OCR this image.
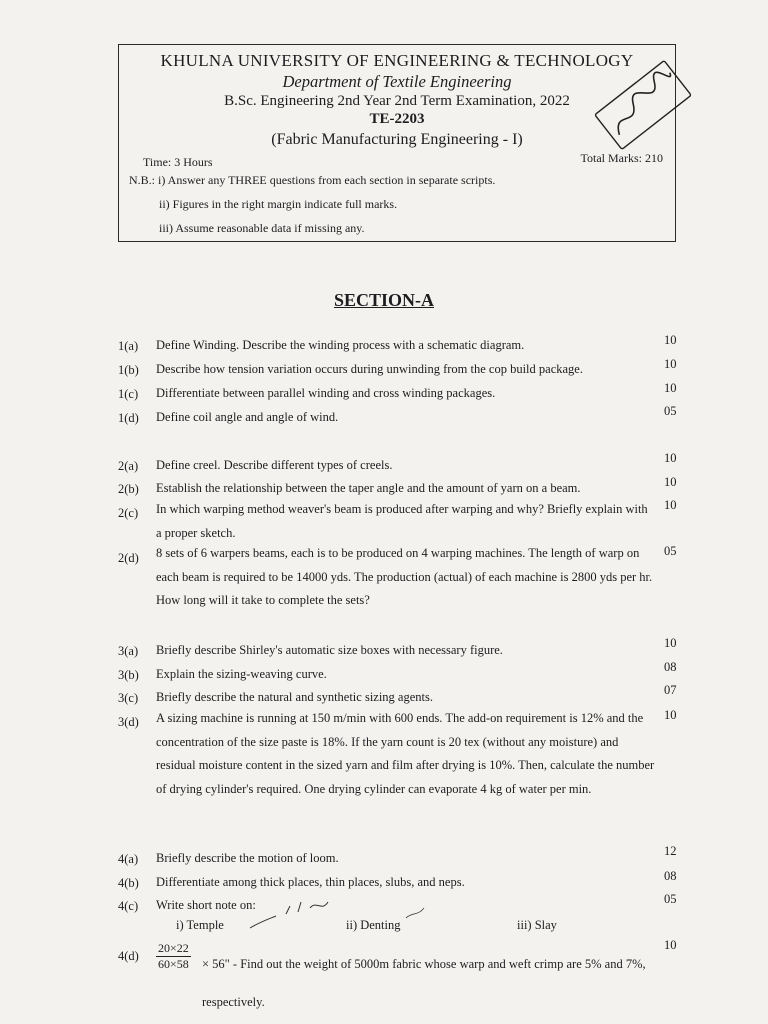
KHULNA UNIVERSITY OF ENGINEERING & TECHNOLOGY
Department of Textile Engineering
B.Sc. Engineering 2nd Year 2nd Term Examination, 2022
TE-2203
(Fabric Manufacturing Engineering - I)
Time: 3 Hours	Total Marks: 210
N.B.: i) Answer any THREE questions from each section in separate scripts.
ii) Figures in the right margin indicate full marks.
iii) Assume reasonable data if missing any.
SECTION-A
1(a) Define Winding. Describe the winding process with a schematic diagram.	10
1(b) Describe how tension variation occurs during unwinding from the cop build package.	10
1(c) Differentiate between parallel winding and cross winding packages.	10
1(d) Define coil angle and angle of wind.	05
2(a) Define creel. Describe different types of creels.	10
2(b) Establish the relationship between the taper angle and the amount of yarn on a beam.	10
2(c) In which warping method weaver's beam is produced after warping and why? Briefly explain with a proper sketch.
10
2(d) 8 sets of 6 warpers beams, each is to be produced on 4 warping machines. The length of warp on each beam is required to be 14000 yds. The production (actual) of each machine is 2800 yds per hr. How long will it take to complete the sets?
05
3(a) Briefly describe Shirley's automatic size boxes with necessary figure.	10
3(b) Explain the sizing-weaving curve.	08
3(c) Briefly describe the natural and synthetic sizing agents.	07
3(d) A sizing machine is running at 150 m/min with 600 ends. The add-on requirement is 12% and the concentration of the size paste is 18%. If the yarn count is 20 tex (without any moisture) and residual moisture content in the sized yarn and film after drying is 10%. Then, calculate the number of drying cylinder's required. One drying cylinder can evaporate 4 kg of water per min.
10
4(a) Briefly describe the motion of loom.	12
4(b) Differentiate among thick places, thin places, slubs, and neps.	08
4(c) Write short note on:	05
i) Temple	ii) Denting	iii) Slay
$4(d) \frac{20\times 22}{60\times 58} \times 56$" - Find out the weight of 5000m fabric whose warp and weft crimp are 5% and 7%, respectively.
10
